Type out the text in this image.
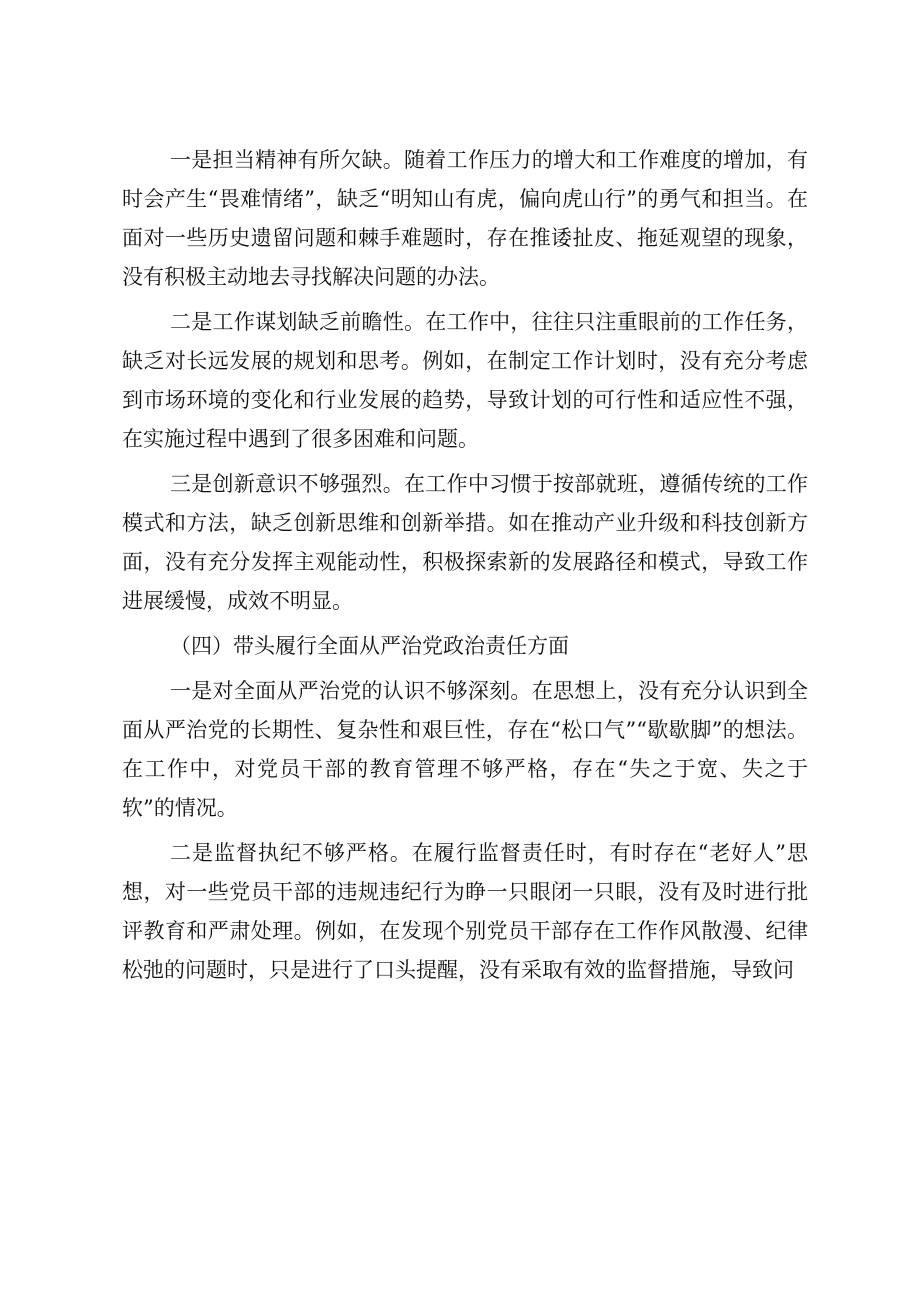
一是担当精神有所欠缺。随着工作压力的增大和工作难度的增加，有时会产生“畏难情绪”，缺乏“明知山有虎，偏向虎山行”的勇气和担当。在面对一些历史遗留问题和棘手难题时，存在推诿扯皮、拖延观望的现象，没有积极主动地去寻找解决问题的办法。

二是工作谋划缺乏前瞻性。在工作中，往往只注重眼前的工作任务，缺乏对长远发展的规划和思考。例如，在制定工作计划时，没有充分考虑到市场环境的变化和行业发展的趋势，导致计划的可行性和适应性不强，在实施过程中遇到了很多困难和问题。

三是创新意识不够强烈。在工作中习惯于按部就班，遵循传统的工作模式和方法，缺乏创新思维和创新举措。如在推动产业升级和科技创新方面，没有充分发挥主观能动性，积极探索新的发展路径和模式，导致工作进展缓慢，成效不明显。

（四）带头履行全面从严治党政治责任方面

一是对全面从严治党的认识不够深刻。在思想上，没有充分认识到全面从严治党的长期性、复杂性和艰巨性，存在“松口气”“歇歇脚”的想法。在工作中，对党员干部的教育管理不够严格，存在“失之于宽、失之于软”的情况。

二是监督执纪不够严格。在履行监督责任时，有时存在“老好人”思想，对一些党员干部的违规违纪行为睁一只眼闭一只眼，没有及时进行批评教育和严肃处理。例如，在发现个别党员干部存在工作作风散漫、纪律松弛的问题时，只是进行了口头提醒，没有采取有效的监督措施，导致问
